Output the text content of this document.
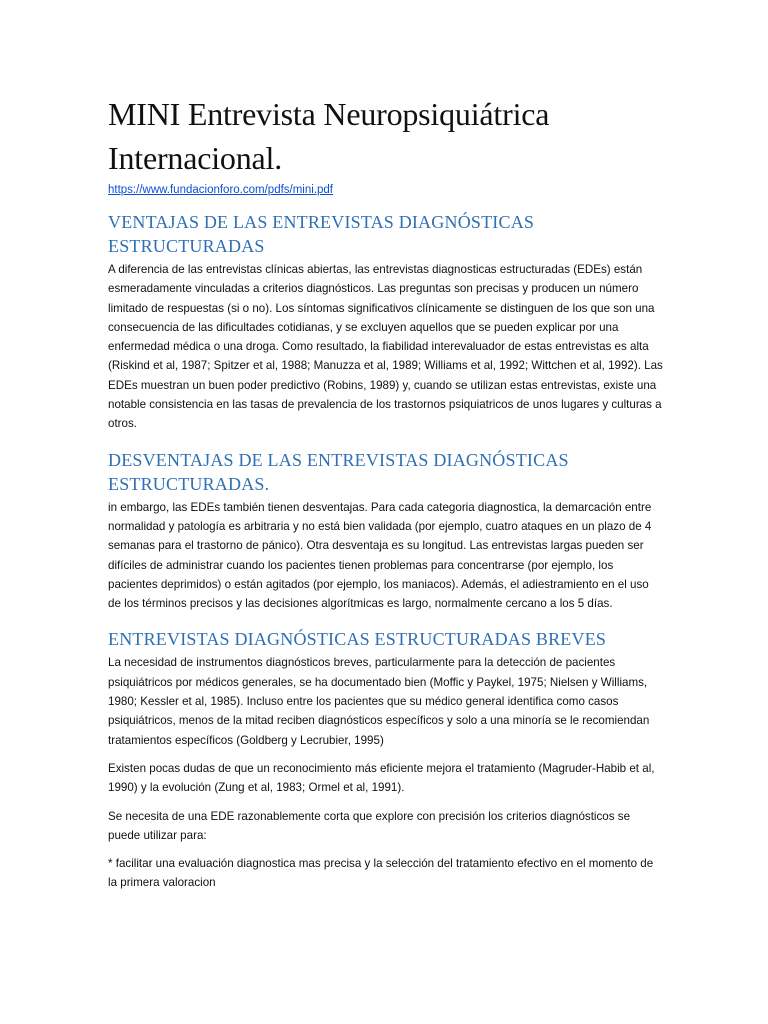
MINI Entrevista Neuropsiquiátrica Internacional.
https://www.fundacionforo.com/pdfs/mini.pdf
VENTAJAS DE LAS ENTREVISTAS DIAGNÓSTICAS ESTRUCTURADAS

A diferencia de las entrevistas clínicas abiertas, las entrevistas diagnosticas estructuradas (EDEs) están esmeradamente vinculadas a criterios diagnósticos. Las preguntas son precisas y producen un número limitado de respuestas (si o no). Los síntomas significativos clínicamente se distinguen de los que son una consecuencia de las dificultades cotidianas, y se excluyen aquellos que se pueden explicar por una enfermedad médica o una droga. Como resultado, la fiabilidad interevaluador de estas entrevistas es alta (Riskind et al, 1987; Spitzer et al, 1988; Manuzza et al, 1989; Williams et al, 1992; Wittchen et al, 1992). Las EDEs muestran un buen poder predictivo (Robins, 1989) y, cuando se utilizan estas entrevistas, existe una notable consistencia en las tasas de prevalencia de los trastornos psiquiatricos de unos lugares y culturas a otros.

DESVENTAJAS DE LAS ENTREVISTAS DIAGNÓSTICAS ESTRUCTURADAS.

in embargo, las EDEs también tienen desventajas. Para cada categoria diagnostica, la demarcación entre normalidad y patología es arbitraria y no está bien validada (por ejemplo, cuatro ataques en un plazo de 4 semanas para el trastorno de pánico). Otra desventaja es su longitud. Las entrevistas largas pueden ser difíciles de administrar cuando los pacientes tienen problemas para concentrarse (por ejemplo, los pacientes deprimidos) o están agitados (por ejemplo, los maniacos). Además, el adiestramiento en el uso de los términos precisos y las decisiones algorítmicas es largo, normalmente cercano a los 5 días.

ENTREVISTAS DIAGNÓSTICAS ESTRUCTURADAS BREVES

La necesidad de instrumentos diagnósticos breves, particularmente para la detección de pacientes psiquiátricos por médicos generales, se ha documentado bien (Moffic y Paykel, 1975; Nielsen y Williams, 1980; Kessler et al, 1985). Incluso entre los pacientes que su médico general identifica como casos psiquiátricos, menos de la mitad reciben diagnósticos específicos y solo a una minoría se le recomiendan tratamientos específicos (Goldberg y Lecrubier, 1995)

Existen pocas dudas de que un reconocimiento más eficiente mejora el tratamiento (Magruder-Habib et al, 1990) y la evolución (Zung et al, 1983; Ormel et al, 1991).

Se necesita de una EDE razonablemente corta que explore con precisión los criterios diagnósticos se puede utilizar para:

* facilitar una evaluación diagnostica mas precisa y la selección del tratamiento efectivo en el momento de la primera valoracion
